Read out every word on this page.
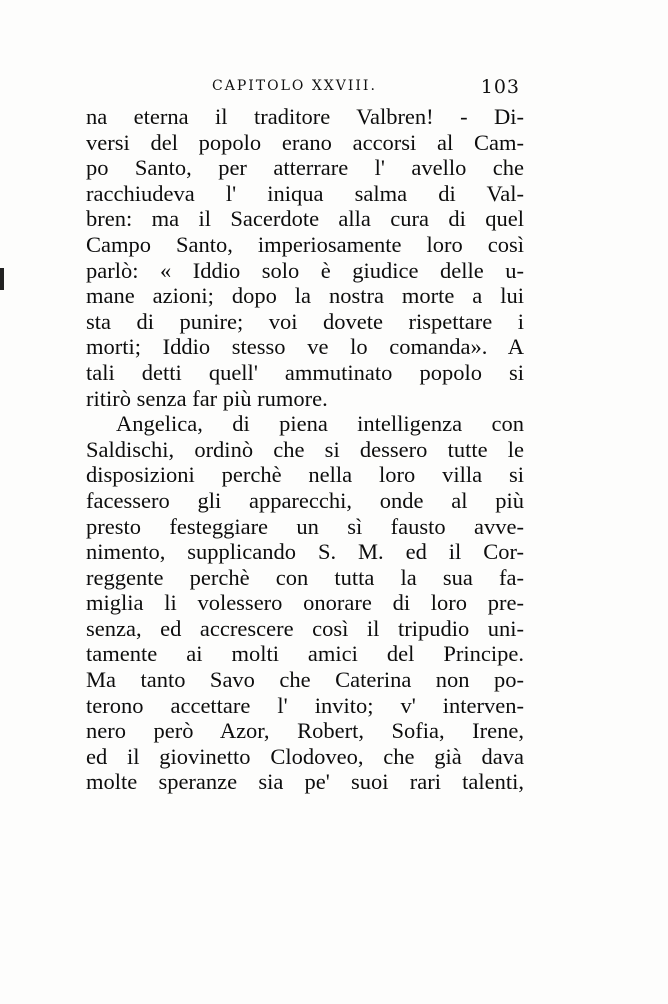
CAPITOLO XXVIII.	103
na eterna il traditore Valbren! - Di-
versi del popolo erano accorsi al Cam-
po Santo, per atterrare l' avello che
racchiudeva l' iniqua salma di Val-
bren: ma il Sacerdote alla cura di quel
Campo Santo, imperiosamente loro così
parlò: « Iddio solo è giudice delle u-
mane azioni; dopo la nostra morte a lui
sta di punire; voi dovete rispettare i
morti; Iddio stesso ve lo comanda». A
tali detti quell' ammutinato popolo si
ritirò senza far più rumore.
Angelica, di piena intelligenza con
Saldischi, ordinò che si dessero tutte le
disposizioni perchè nella loro villa si
facessero gli apparecchi, onde al più
presto festeggiare un sì fausto avve-
nimento, supplicando S. M. ed il Cor-
reggente perchè con tutta la sua fa-
miglia li volessero onorare di loro pre-
senza, ed accrescere così il tripudio uni-
tamente ai molti amici del Principe.
Ma tanto Savo che Caterina non po-
terono accettare l' invito; v' interven-
nero però Azor, Robert, Sofia, Irene,
ed il giovinetto Clodoveo, che già dava
molte speranze sia pe' suoi rari talenti,
